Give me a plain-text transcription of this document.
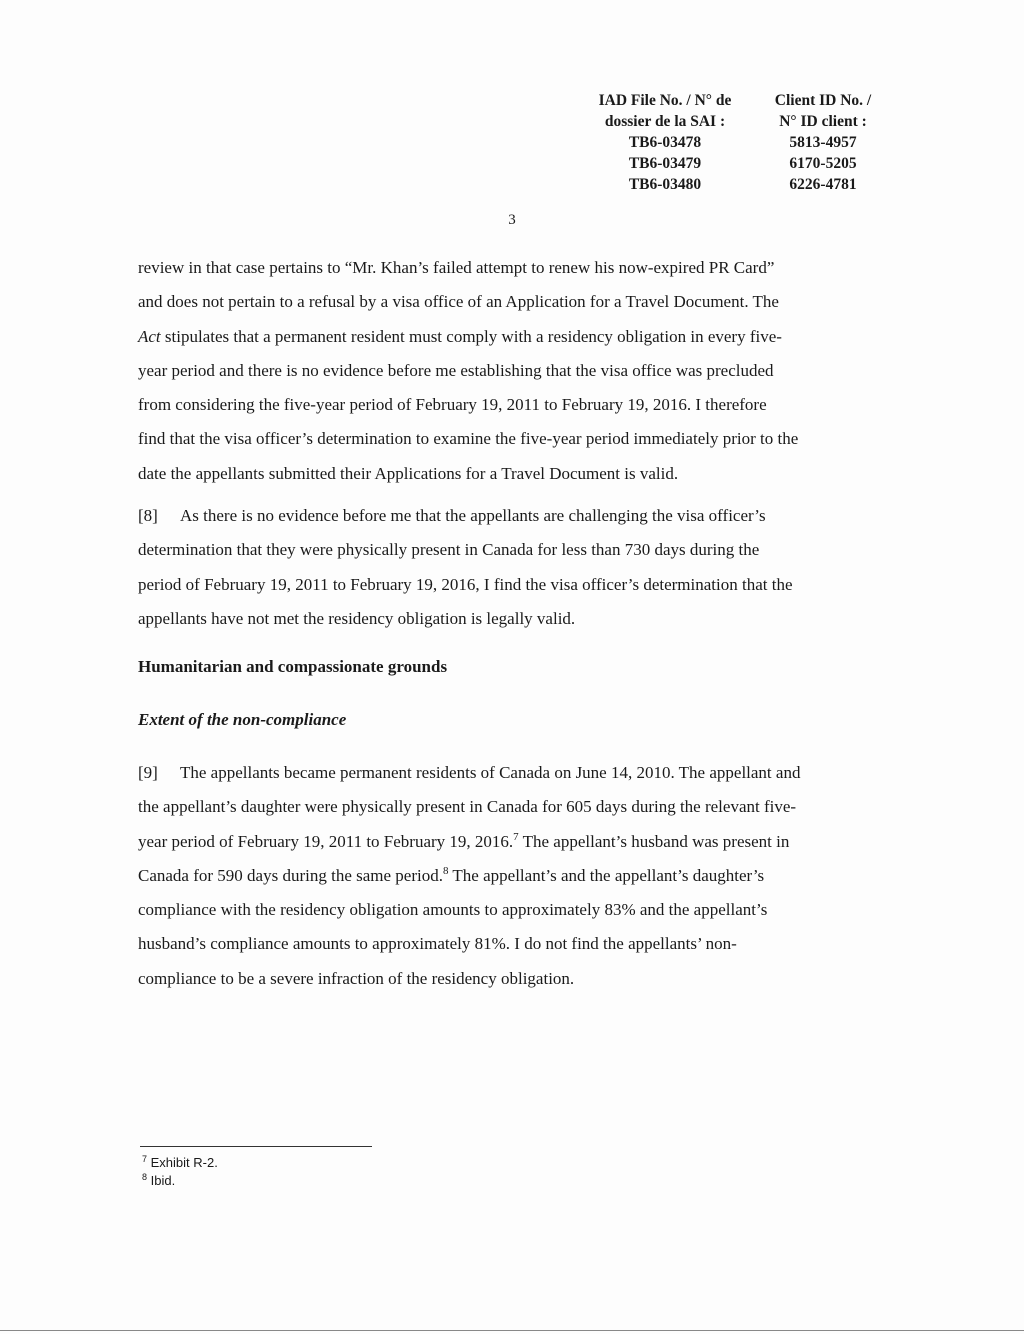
IAD File No. / N° de
dossier de la SAI :
TB6-03478
TB6-03479
TB6-03480
Client ID No. /
N° ID client :
5813-4957
6170-5205
6226-4781
3
review in that case pertains to “Mr. Khan’s failed attempt to renew his now-expired PR Card”
and does not pertain to a refusal by a visa office of an Application for a Travel Document. The
Act stipulates that a permanent resident must comply with a residency obligation in every five-
year period and there is no evidence before me establishing that the visa office was precluded
from considering the five-year period of February 19, 2011 to February 19, 2016. I therefore
find that the visa officer’s determination to examine the five-year period immediately prior to the
date the appellants submitted their Applications for a Travel Document is valid.
[8] As there is no evidence before me that the appellants are challenging the visa officer’s
determination that they were physically present in Canada for less than 730 days during the
period of February 19, 2011 to February 19, 2016, I find the visa officer’s determination that the
appellants have not met the residency obligation is legally valid.
Humanitarian and compassionate grounds
Extent of the non-compliance
[9] The appellants became permanent residents of Canada on June 14, 2010. The appellant and
the appellant’s daughter were physically present in Canada for 605 days during the relevant five-
year period of February 19, 2011 to February 19, 2016.$^7$ The appellant’s husband was present in
Canada for 590 days during the same period.$^8$ The appellant’s and the appellant’s daughter’s
compliance with the residency obligation amounts to approximately 83% and the appellant’s
husband’s compliance amounts to approximately 81%. I do not find the appellants’ non-
compliance to be a severe infraction of the residency obligation.
$^7$ Exhibit R-2.
$^8$ Ibid.
